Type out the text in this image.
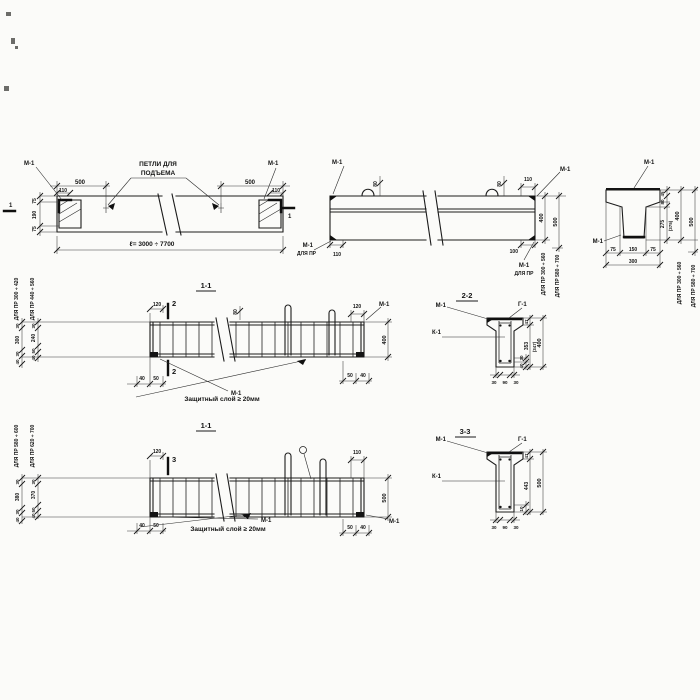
ПЕТЛИ ДЛЯ
ПОДЪЕМА
М-1	М-1
500	500
110	110
75
190
75
1
1
ℓ= 3000 ÷ 7700
М-1
М-1
80	80
110
110
М-1
ДЛЯ ПР	100
М-1
ДЛЯ ПР
400 500
ДЛЯ ПР 300 ÷ 560 ДЛЯ ПР 580 ÷ 700
М-1
М-1
75	150	75
300
45
80
275 (375)
400
500
ДЛЯ ПР 300 ÷ 560 ДЛЯ ПР 580 ÷ 700
1-1
2
2
120
80
120	М-1
400
40 50
М-1
Защитный слой ≥ 20мм
50 40
30
300
30
40
30
240
50
40
ДЛЯ ПР 300 ÷ 420 ДЛЯ ПР 440 ÷ 560	2-2
М-1	Г-1
К-1
30 90 30
47
353 (347) 400
30
40
1-1
3
120	110
500
40 50
М-1
Защитный слой ≥ 20мм	50 40
М-1
30
380
30
40
30
370
50
40
ДЛЯ ПР 580 ÷ 600 ДЛЯ ПР 620 ÷ 700	3-3
М-1	Г-1
К-1
30 90 30
47
443
10
500
